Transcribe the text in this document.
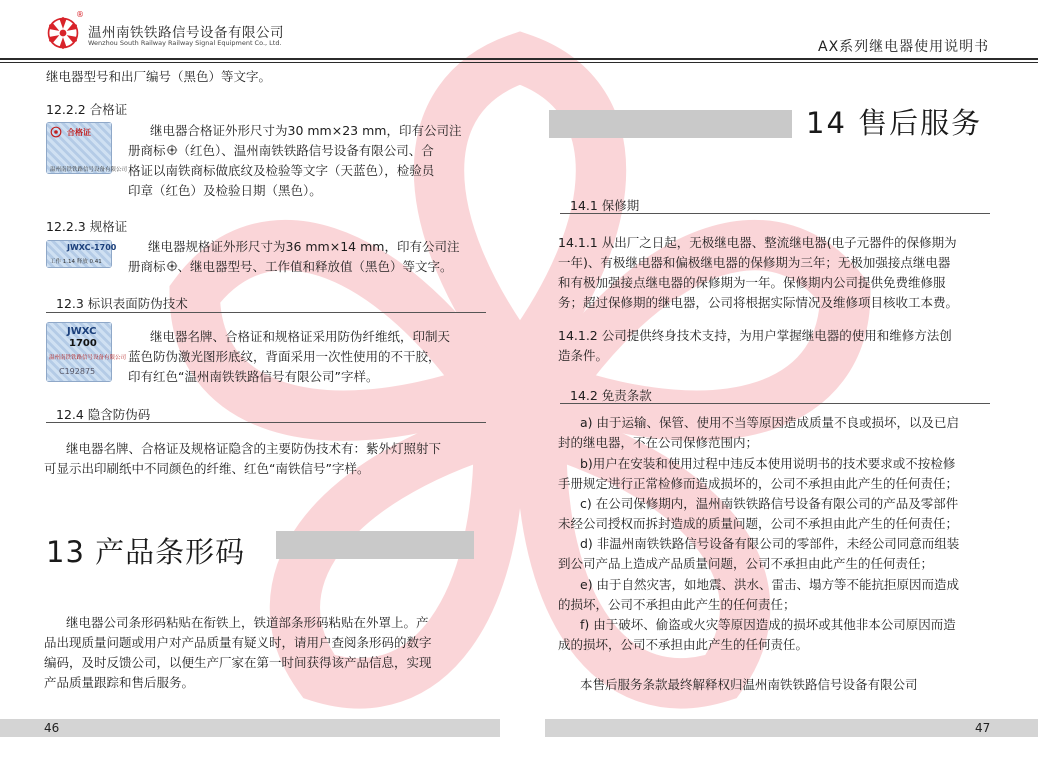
®
温州南铁铁路信号设备有限公司
Wenzhou South Railway Railway Signal Equipment Co., Ltd.	AX系列继电器使用说明书
继电器型号和出厂编号（黑色）等文字。
12.2.2 合格证
合格证
温州南铁铁路信号设备有限公司
继电器合格证外形尺寸为30 mm×23 mm，印有公司注
册商标 （红色）、温州南铁铁路信号设备有限公司、合
格证以南铁商标做底纹及检验等文字（天蓝色），检验员
印章（红色）及检验日期（黑色）。
12.2.3 规格证
JWXC-1700
工作 1.14 释放 0.41
继电器规格证外形尺寸为36 mm×14 mm，印有公司注
册商标 、继电器型号、工作值和释放值（黑色）等文字。
12.3 标识表面防伪技术
JWXC
1700
温州南铁铁路信号设备有限公司
C192875
继电器名牌、合格证和规格证采用防伪纤维纸，印制天
蓝色防伪激光图形底纹，背面采用一次性使用的不干胶，
印有红色“温州南铁铁路信号有限公司”字样。
12.4 隐含防伪码
继电器名牌、合格证及规格证隐含的主要防伪技术有：紫外灯照射下
可显示出印刷纸中不同颜色的纤维、红色“南铁信号”字样。
13 产品条形码
继电器公司条形码粘贴在衔铁上，铁道部条形码粘贴在外罩上。产
品出现质量问题或用户对产品质量有疑义时，请用户查阅条形码的数字
编码，及时反馈公司，以便生产厂家在第一时间获得该产品信息，实现
产品质量跟踪和售后服务。
14 售后服务
14.1 保修期
14.1.1 从出厂之日起，无极继电器、整流继电器(电子元器件的保修期为
一年)、有极继电器和偏极继电器的保修期为三年；无极加强接点继电器
和有极加强接点继电器的保修期为一年。保修期内公司提供免费维修服
务；超过保修期的继电器，公司将根据实际情况及维修项目核收工本费。
14.1.2 公司提供终身技术支持，为用户掌握继电器的使用和维修方法创
造条件。
14.2 免责条款
a) 由于运输、保管、使用不当等原因造成质量不良或损坏，以及已启
封的继电器，不在公司保修范围内；
b)用户在安装和使用过程中违反本使用说明书的技术要求或不按检修
手册规定进行正常检修而造成损坏的，公司不承担由此产生的任何责任；
c) 在公司保修期内，温州南铁铁路信号设备有限公司的产品及零部件
未经公司授权而拆封造成的质量问题，公司不承担由此产生的任何责任；
d) 非温州南铁铁路信号设备有限公司的零部件，未经公司同意而组装
到公司产品上造成产品质量问题，公司不承担由此产生的任何责任；
e) 由于自然灾害，如地震、洪水、雷击、塌方等不能抗拒原因而造成
的损坏，公司不承担由此产生的任何责任；
f) 由于破坏、偷盗或火灾等原因造成的损坏或其他非本公司原因而造
成的损坏，公司不承担由此产生的任何责任。
本售后服务条款最终解释权归温州南铁铁路信号设备有限公司
46	47
